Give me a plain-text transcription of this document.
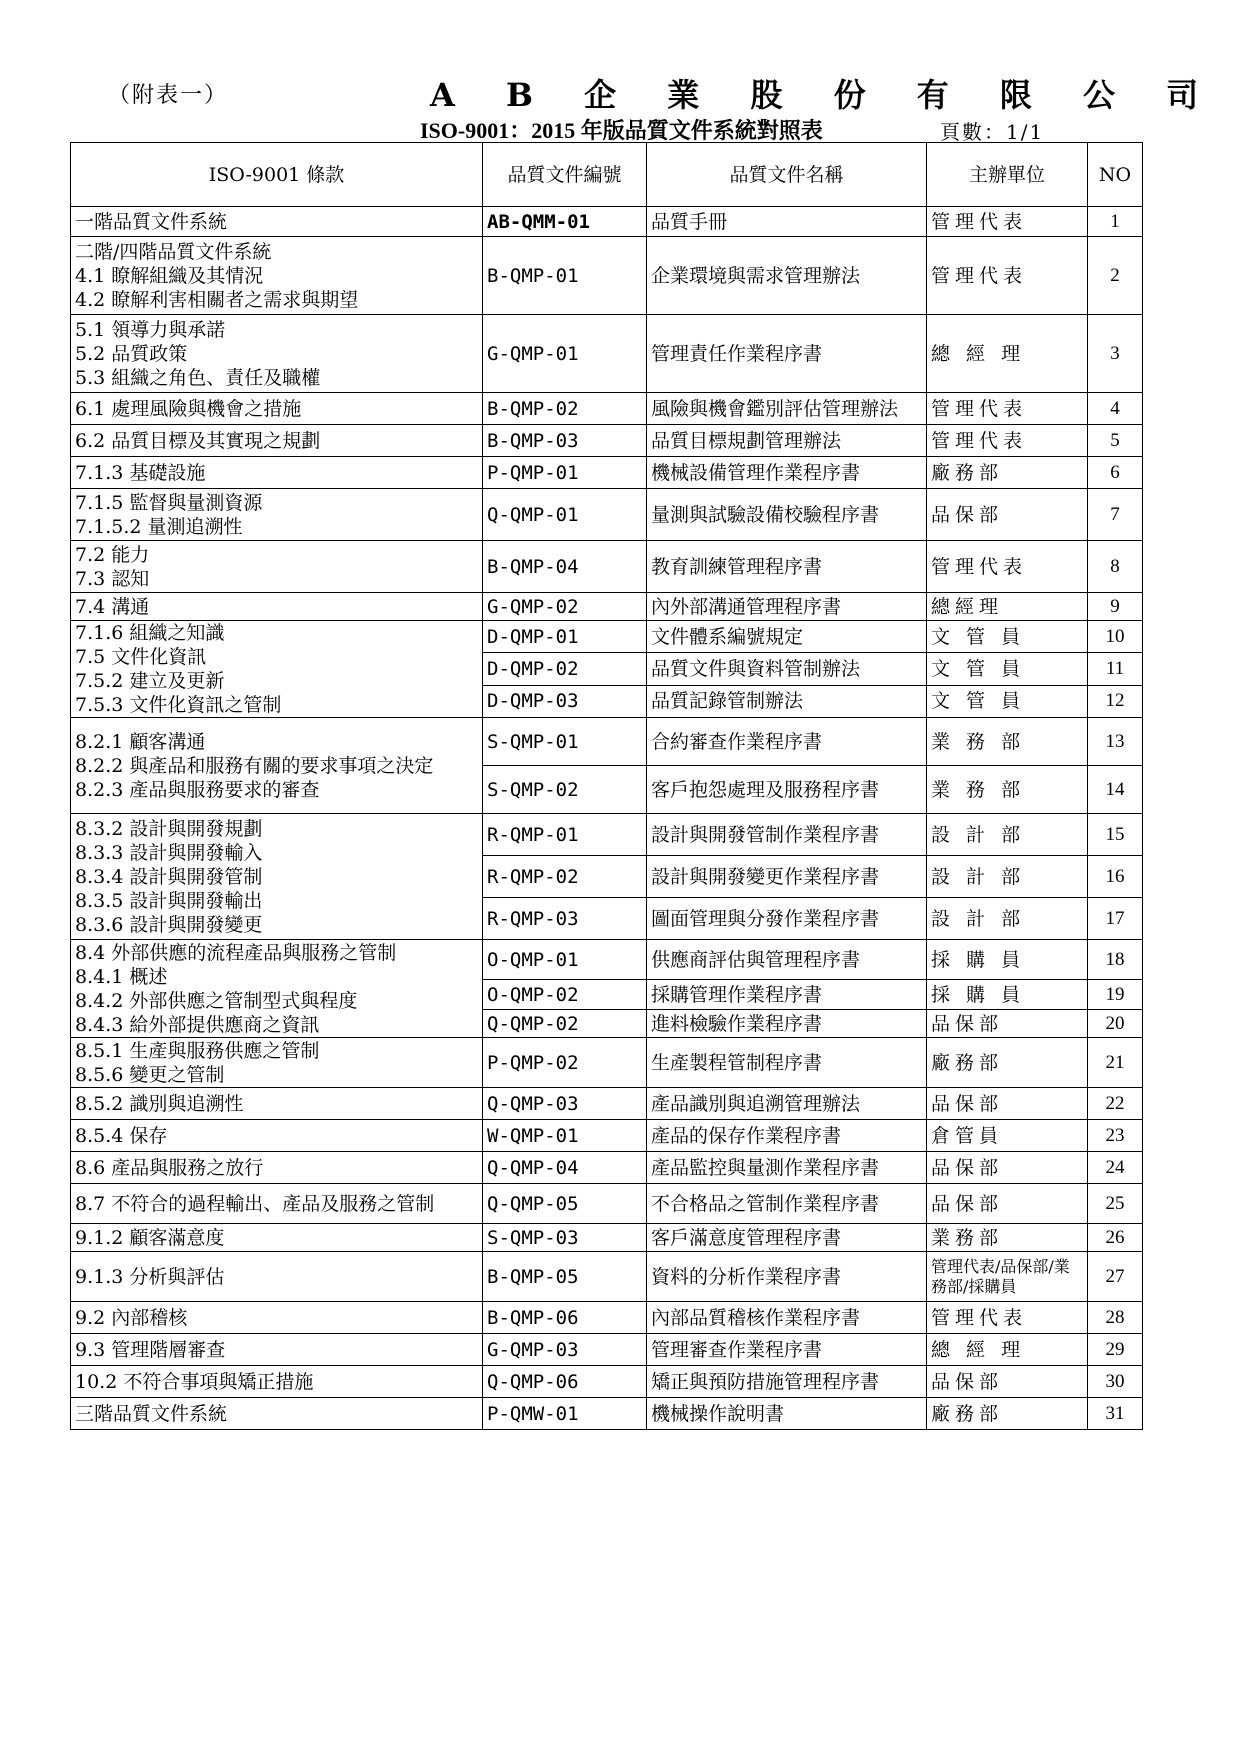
（附表一）	A B 企 業 股 份 有 限 公 司
ISO-9001：2015 年版品質文件系統對照表	頁數：1/1
ISO-9001 條款	品質文件編號	品質文件名稱	主辦單位	NO

一階品質文件系統	AB-QMM-01	品質手冊	管理代表	1

二階/四階品質文件系統
4.1 瞭解組織及其情況
4.2 瞭解利害相關者之需求與期望	B-QMP-01	企業環境與需求管理辦法	管理代表	2

5.1 領導力與承諾
5.2 品質政策
5.3 組織之角色、責任及職權	G-QMP-01	管理責任作業程序書	總 經 理	3

6.1 處理風險與機會之措施	B-QMP-02	風險與機會鑑別評估管理辦法	管理代表	4

6.2 品質目標及其實現之規劃	B-QMP-03	品質目標規劃管理辦法	管理代表	5

7.1.3 基礎設施	P-QMP-01	機械設備管理作業程序書	廠務部	6

7.1.5 監督與量測資源
7.1.5.2 量測追溯性	Q-QMP-01	量測與試驗設備校驗程序書	品保部	7

7.2 能力
7.3 認知	B-QMP-04	教育訓練管理程序書	管理代表	8

7.4 溝通	G-QMP-02	內外部溝通管理程序書	總經理	9

7.1.6 組織之知識
7.5 文件化資訊
7.5.2 建立及更新
7.5.3 文件化資訊之管制	D-QMP-01	文件體系編號規定	文 管 員	10
	D-QMP-02	品質文件與資料管制辦法	文 管 員	11
	D-QMP-03	品質記錄管制辦法	文 管 員	12

8.2.1 顧客溝通
8.2.2 與產品和服務有關的要求事項之決定
8.2.3 產品與服務要求的審查	S-QMP-01	合約審查作業程序書	業 務 部	13
	S-QMP-02	客戶抱怨處理及服務程序書	業 務 部	14

8.3.2 設計與開發規劃
8.3.3 設計與開發輸入
8.3.4 設計與開發管制
8.3.5 設計與開發輸出
8.3.6 設計與開發變更	R-QMP-01	設計與開發管制作業程序書	設 計 部	15
	R-QMP-02	設計與開發變更作業程序書	設 計 部	16
	R-QMP-03	圖面管理與分發作業程序書	設 計 部	17

8.4 外部供應的流程產品與服務之管制
8.4.1 概述
8.4.2 外部供應之管制型式與程度
8.4.3 給外部提供應商之資訊	O-QMP-01	供應商評估與管理程序書	採 購 員	18
	O-QMP-02	採購管理作業程序書	採 購 員	19
	Q-QMP-02	進料檢驗作業程序書	品保部	20

8.5.1 生產與服務供應之管制
8.5.6 變更之管制	P-QMP-02	生產製程管制程序書	廠務部	21

8.5.2 識別與追溯性	Q-QMP-03	產品識別與追溯管理辦法	品保部	22

8.5.4 保存	W-QMP-01	產品的保存作業程序書	倉管員	23

8.6 產品與服務之放行	Q-QMP-04	產品監控與量測作業程序書	品保部	24

8.7 不符合的過程輸出、產品及服務之管制	Q-QMP-05	不合格品之管制作業程序書	品保部	25

9.1.2 顧客滿意度	S-QMP-03	客戶滿意度管理程序書	業務部	26

9.1.3 分析與評估	B-QMP-05	資料的分析作業程序書	管理代表/品保部/業務部/採購員	27

9.2 內部稽核	B-QMP-06	內部品質稽核作業程序書	管理代表	28

9.3 管理階層審查	G-QMP-03	管理審查作業程序書	總 經 理	29

10.2 不符合事項與矯正措施	Q-QMP-06	矯正與預防措施管理程序書	品保部	30

三階品質文件系統	P-QMW-01	機械操作說明書	廠務部	31
